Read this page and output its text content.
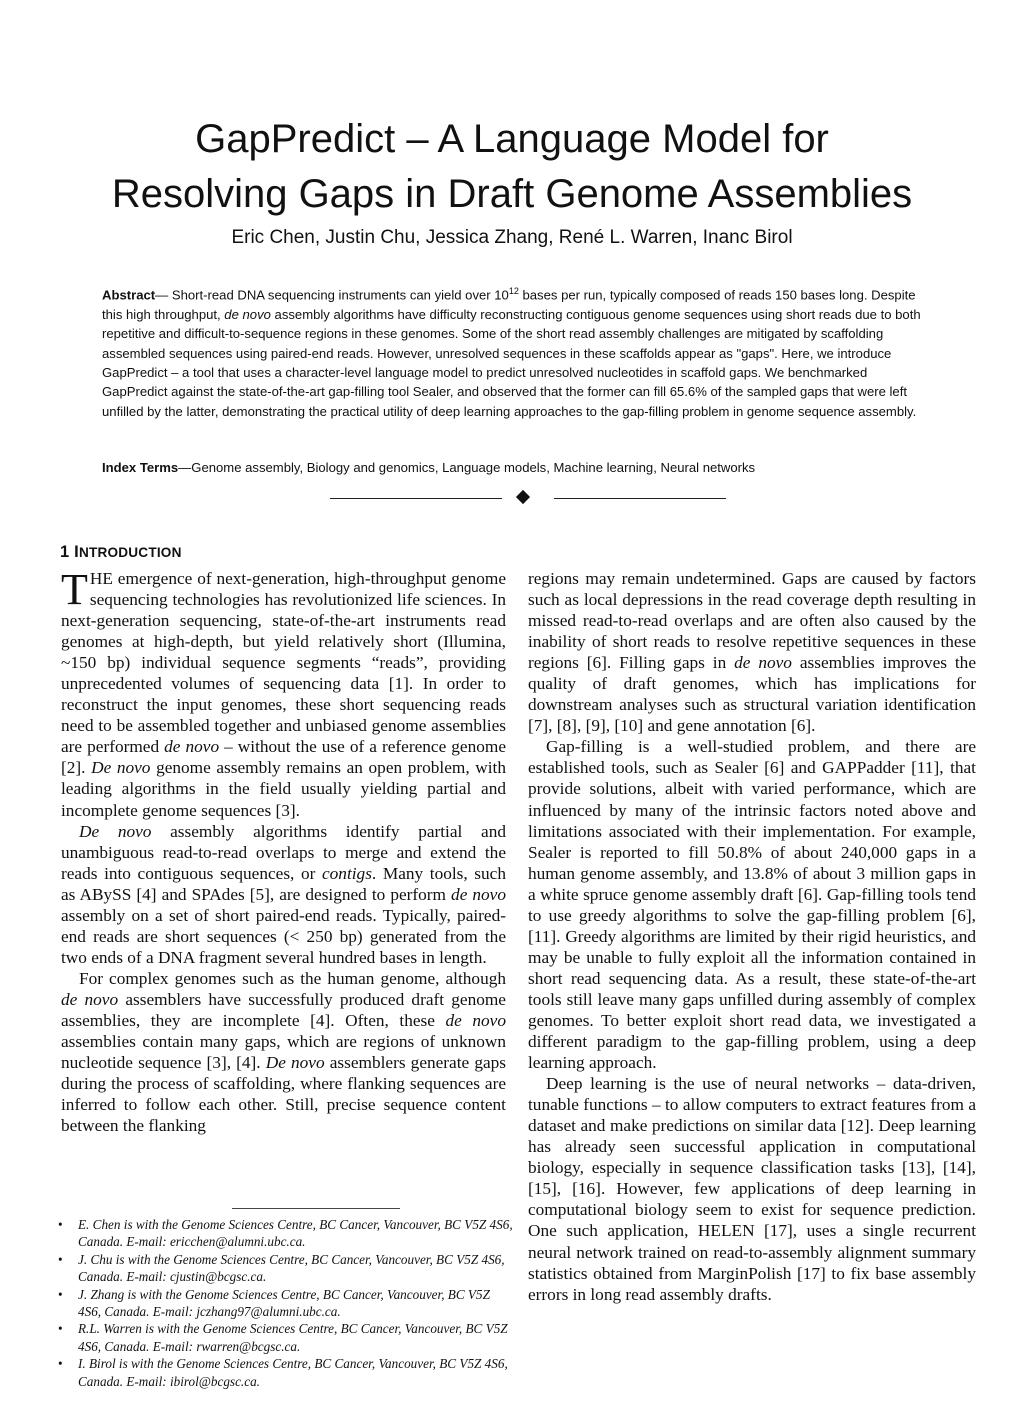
GapPredict – A Language Model for
Resolving Gaps in Draft Genome Assemblies
Eric Chen, Justin Chu, Jessica Zhang, René L. Warren, Inanc Birol

Abstract— Short-read DNA sequencing instruments can yield over $10^{12}$ bases per run, typically composed of reads 150 bases long. Despite this high throughput, de novo assembly algorithms have difficulty reconstructing contiguous genome sequences using short reads due to both repetitive and difficult-to-sequence regions in these genomes. Some of the short read assembly challenges are mitigated by scaffolding assembled sequences using paired-end reads. However, unresolved sequences in these scaffolds appear as "gaps". Here, we introduce GapPredict – a tool that uses a character-level language model to predict unresolved nucleotides in scaffold gaps. We benchmarked GapPredict against the state-of-the-art gap-filling tool Sealer, and observed that the former can fill 65.6% of the sampled gaps that were left unfilled by the latter, demonstrating the practical utility of deep learning approaches to the gap-filling problem in genome sequence assembly.

Index Terms—Genome assembly, Biology and genomics, Language models, Machine learning, Neural networks

1 INTRODUCTION

THE emergence of next-generation, high-throughput genome sequencing technologies has revolutionized life sciences. In next-generation sequencing, state-of-the-art instruments read genomes at high-depth, but yield relatively short (Illumina, ~150 bp) individual sequence segments “reads”, providing unprecedented volumes of sequencing data [1]. In order to reconstruct the input genomes, these short sequencing reads need to be assembled together and unbiased genome assemblies are performed de novo – without the use of a reference genome [2]. De novo genome assembly remains an open problem, with leading algorithms in the field usually yielding partial and incomplete genome sequences [3].

De novo assembly algorithms identify partial and unambiguous read-to-read overlaps to merge and extend the reads into contiguous sequences, or contigs. Many tools, such as ABySS [4] and SPAdes [5], are designed to perform de novo assembly on a set of short paired-end reads. Typically, paired-end reads are short sequences (< 250 bp) generated from the two ends of a DNA fragment several hundred bases in length.

For complex genomes such as the human genome, although de novo assemblers have successfully produced draft genome assemblies, they are incomplete [4]. Often, these de novo assemblies contain many gaps, which are regions of unknown nucleotide sequence [3], [4]. De novo assemblers generate gaps during the process of scaffolding, where flanking sequences are inferred to follow each other. Still, precise sequence content between the flanking

regions may remain undetermined. Gaps are caused by factors such as local depressions in the read coverage depth resulting in missed read-to-read overlaps and are often also caused by the inability of short reads to resolve repetitive sequences in these regions [6]. Filling gaps in de novo assemblies improves the quality of draft genomes, which has implications for downstream analyses such as structural variation identification [7], [8], [9], [10] and gene annotation [6].

Gap-filling is a well-studied problem, and there are established tools, such as Sealer [6] and GAPPadder [11], that provide solutions, albeit with varied performance, which are influenced by many of the intrinsic factors noted above and limitations associated with their implementation. For example, Sealer is reported to fill 50.8% of about 240,000 gaps in a human genome assembly, and 13.8% of about 3 million gaps in a white spruce genome assembly draft [6]. Gap-filling tools tend to use greedy algorithms to solve the gap-filling problem [6], [11]. Greedy algorithms are limited by their rigid heuristics, and may be unable to fully exploit all the information contained in short read sequencing data. As a result, these state-of-the-art tools still leave many gaps unfilled during assembly of complex genomes. To better exploit short read data, we investigated a different paradigm to the gap-filling problem, using a deep learning approach.

Deep learning is the use of neural networks – data-driven, tunable functions – to allow computers to extract features from a dataset and make predictions on similar data [12]. Deep learning has already seen successful application in computational biology, especially in sequence classification tasks [13], [14], [15], [16]. However, few applications of deep learning in computational biology seem to exist for sequence prediction. One such application, HELEN [17], uses a single recurrent neural network trained on read-to-assembly alignment summary statistics obtained from MarginPolish [17] to fix base assembly errors in long read assembly drafts.

• E. Chen is with the Genome Sciences Centre, BC Cancer, Vancouver, BC V5Z 4S6, Canada. E-mail: ericchen@alumni.ubc.ca.
• J. Chu is with the Genome Sciences Centre, BC Cancer, Vancouver, BC V5Z 4S6, Canada. E-mail: cjustin@bcgsc.ca.
• J. Zhang is with the Genome Sciences Centre, BC Cancer, Vancouver, BC V5Z 4S6, Canada. E-mail: jczhang97@alumni.ubc.ca.
• R.L. Warren is with the Genome Sciences Centre, BC Cancer, Vancouver, BC V5Z 4S6, Canada. E-mail: rwarren@bcgsc.ca.
• I. Birol is with the Genome Sciences Centre, BC Cancer, Vancouver, BC V5Z 4S6, Canada. E-mail: ibirol@bcgsc.ca.
